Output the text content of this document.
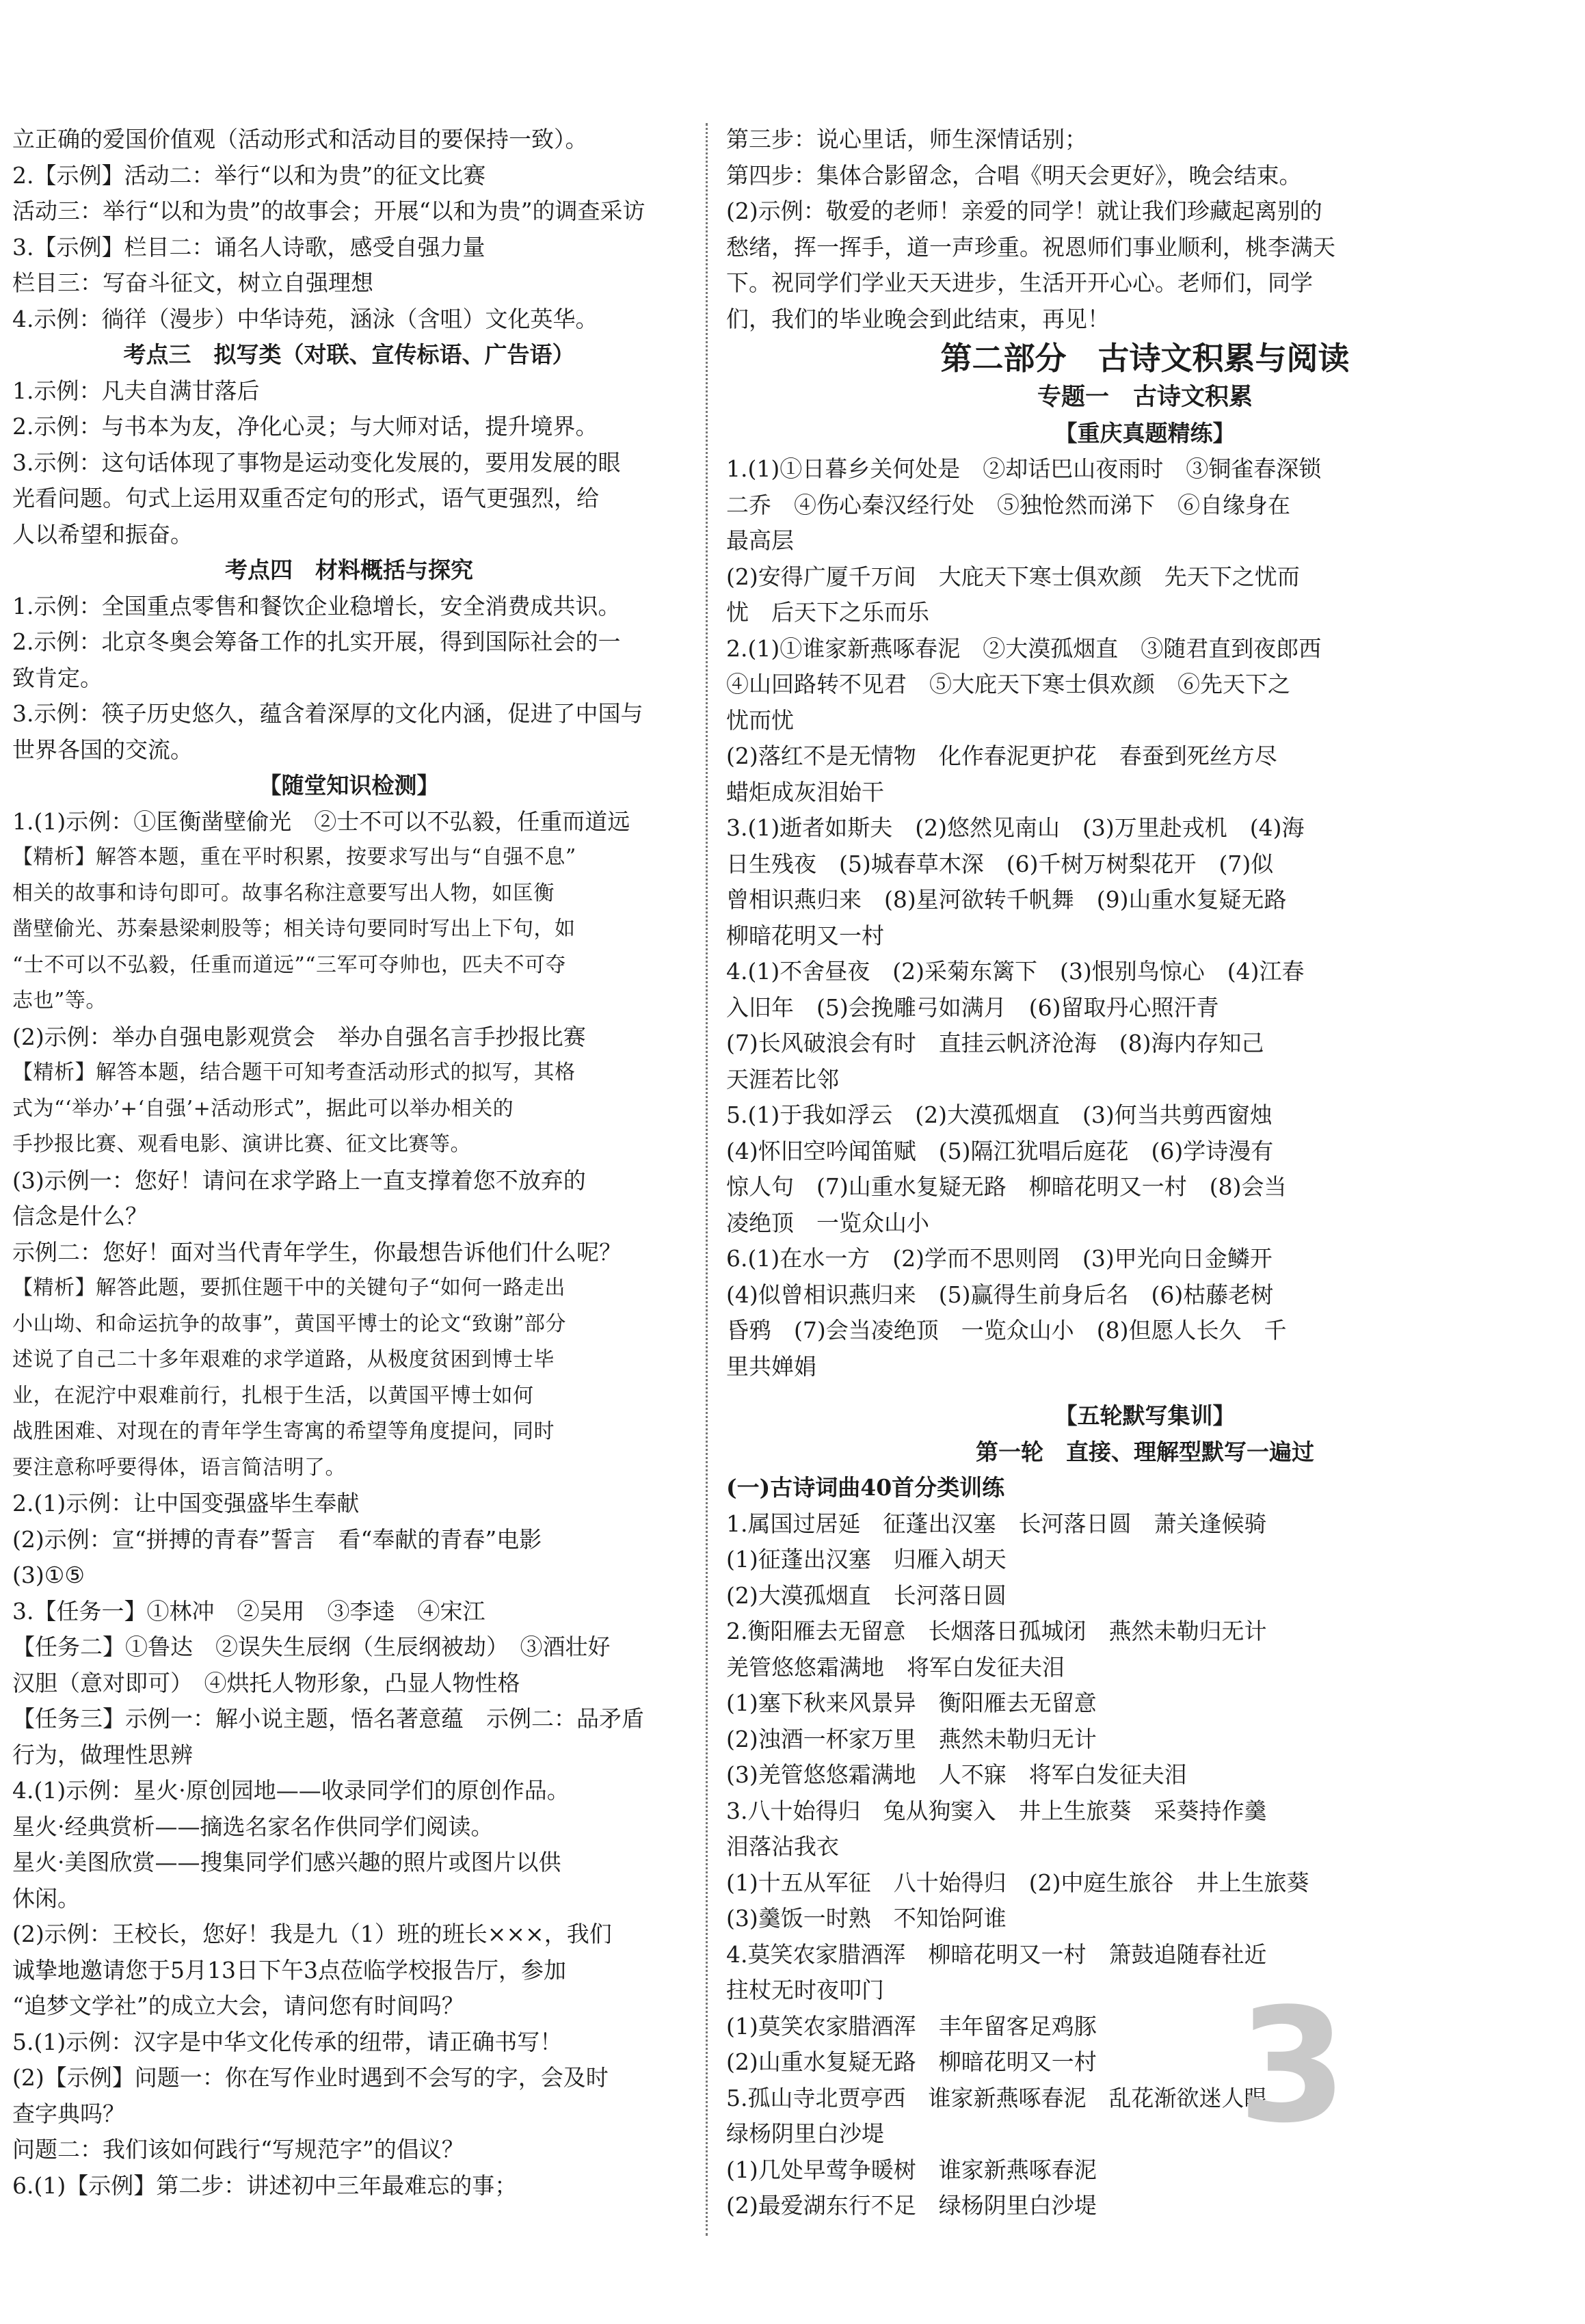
立正确的爱国价值观（活动形式和活动目的要保持一致）。
2.【示例】活动二：举行“以和为贵”的征文比赛
活动三：举行“以和为贵”的故事会；开展“以和为贵”的调查采访
3.【示例】栏目二：诵名人诗歌，感受自强力量
栏目三：写奋斗征文，树立自强理想
4.示例：徜徉（漫步）中华诗苑，涵泳（含咀）文化英华。
考点三　拟写类（对联、宣传标语、广告语）
1.示例：凡夫自满甘落后
2.示例：与书本为友，净化心灵；与大师对话，提升境界。
3.示例：这句话体现了事物是运动变化发展的，要用发展的眼
光看问题。句式上运用双重否定句的形式，语气更强烈，给
人以希望和振奋。
考点四　材料概括与探究
1.示例：全国重点零售和餐饮企业稳增长，安全消费成共识。
2.示例：北京冬奥会筹备工作的扎实开展，得到国际社会的一
致肯定。
3.示例：筷子历史悠久，蕴含着深厚的文化内涵，促进了中国与
世界各国的交流。
【随堂知识检测】
1.(1)示例：①匡衡凿壁偷光　②士不可以不弘毅，任重而道远
【精析】解答本题，重在平时积累，按要求写出与“自强不息”
相关的故事和诗句即可。故事名称注意要写出人物，如匡衡
凿壁偷光、苏秦悬梁刺股等；相关诗句要同时写出上下句，如
“士不可以不弘毅，任重而道远”“三军可夺帅也，匹夫不可夺
志也”等。
(2)示例：举办自强电影观赏会　举办自强名言手抄报比赛
【精析】解答本题，结合题干可知考查活动形式的拟写，其格
式为“‘举办’+‘自强’+活动形式”，据此可以举办相关的
手抄报比赛、观看电影、演讲比赛、征文比赛等。
(3)示例一：您好！请问在求学路上一直支撑着您不放弃的
信念是什么？
示例二：您好！面对当代青年学生，你最想告诉他们什么呢？
【精析】解答此题，要抓住题干中的关键句子“如何一路走出
小山坳、和命运抗争的故事”，黄国平博士的论文“致谢”部分
述说了自己二十多年艰难的求学道路，从极度贫困到博士毕
业，在泥泞中艰难前行，扎根于生活，以黄国平博士如何
战胜困难、对现在的青年学生寄寓的希望等角度提问，同时
要注意称呼要得体，语言简洁明了。
2.(1)示例：让中国变强盛毕生奉献
(2)示例：宣“拼搏的青春”誓言　看“奉献的青春”电影
(3)①⑤
3.【任务一】①林冲　②吴用　③李逵　④宋江
【任务二】①鲁达　②误失生辰纲（生辰纲被劫）　③酒壮好
汉胆（意对即可）　④烘托人物形象，凸显人物性格
【任务三】示例一：解小说主题，悟名著意蕴　示例二：品矛盾
行为，做理性思辨
4.(1)示例：星火·原创园地——收录同学们的原创作品。
星火·经典赏析——摘选名家名作供同学们阅读。
星火·美图欣赏——搜集同学们感兴趣的照片或图片以供
休闲。
(2)示例：王校长，您好！我是九（1）班的班长×××，我们
诚挚地邀请您于5月13日下午3点莅临学校报告厅，参加
“追梦文学社”的成立大会，请问您有时间吗？
5.(1)示例：汉字是中华文化传承的纽带，请正确书写！
(2)【示例】问题一：你在写作业时遇到不会写的字，会及时
查字典吗？
问题二：我们该如何践行“写规范字”的倡议？
6.(1)【示例】第二步：讲述初中三年最难忘的事；
第三步：说心里话，师生深情话别；
第四步：集体合影留念，合唱《明天会更好》，晚会结束。
(2)示例：敬爱的老师！亲爱的同学！就让我们珍藏起离别的
愁绪，挥一挥手，道一声珍重。祝恩师们事业顺利，桃李满天
下。祝同学们学业天天进步，生活开开心心。老师们，同学
们，我们的毕业晚会到此结束，再见！
第二部分　古诗文积累与阅读
专题一　古诗文积累
【重庆真题精练】
1.(1)①日暮乡关何处是　②却话巴山夜雨时　③铜雀春深锁
二乔　④伤心秦汉经行处　⑤独怆然而涕下　⑥自缘身在
最高层
(2)安得广厦千万间　大庇天下寒士俱欢颜　先天下之忧而
忧　后天下之乐而乐
2.(1)①谁家新燕啄春泥　②大漠孤烟直　③随君直到夜郎西
④山回路转不见君　⑤大庇天下寒士俱欢颜　⑥先天下之
忧而忧
(2)落红不是无情物　化作春泥更护花　春蚕到死丝方尽
蜡炬成灰泪始干
3.(1)逝者如斯夫　(2)悠然见南山　(3)万里赴戎机　(4)海
日生残夜　(5)城春草木深　(6)千树万树梨花开　(7)似
曾相识燕归来　(8)星河欲转千帆舞　(9)山重水复疑无路
柳暗花明又一村
4.(1)不舍昼夜　(2)采菊东篱下　(3)恨别鸟惊心　(4)江春
入旧年　(5)会挽雕弓如满月　(6)留取丹心照汗青
(7)长风破浪会有时　直挂云帆济沧海　(8)海内存知己
天涯若比邻
5.(1)于我如浮云　(2)大漠孤烟直　(3)何当共剪西窗烛
(4)怀旧空吟闻笛赋　(5)隔江犹唱后庭花　(6)学诗漫有
惊人句　(7)山重水复疑无路　柳暗花明又一村　(8)会当
凌绝顶　一览众山小
6.(1)在水一方　(2)学而不思则罔　(3)甲光向日金鳞开
(4)似曾相识燕归来　(5)赢得生前身后名　(6)枯藤老树
昏鸦　(7)会当凌绝顶　一览众山小　(8)但愿人长久　千
里共婵娟
【五轮默写集训】
第一轮　直接、理解型默写一遍过
(一)古诗词曲40首分类训练
1.属国过居延　征蓬出汉塞　长河落日圆　萧关逢候骑
(1)征蓬出汉塞　归雁入胡天
(2)大漠孤烟直　长河落日圆
2.衡阳雁去无留意　长烟落日孤城闭　燕然未勒归无计
羌管悠悠霜满地　将军白发征夫泪
(1)塞下秋来风景异　衡阳雁去无留意
(2)浊酒一杯家万里　燕然未勒归无计
(3)羌管悠悠霜满地　人不寐　将军白发征夫泪
3.八十始得归　兔从狗窦入　井上生旅葵　采葵持作羹
泪落沾我衣
(1)十五从军征　八十始得归　(2)中庭生旅谷　井上生旅葵
(3)羹饭一时熟　不知饴阿谁
4.莫笑农家腊酒浑　柳暗花明又一村　箫鼓追随春社近
拄杖无时夜叩门
(1)莫笑农家腊酒浑　丰年留客足鸡豚
(2)山重水复疑无路　柳暗花明又一村
5.孤山寺北贾亭西　谁家新燕啄春泥　乱花渐欲迷人眼
绿杨阴里白沙堤
(1)几处早莺争暖树　谁家新燕啄春泥
(2)最爱湖东行不足　绿杨阴里白沙堤
3
